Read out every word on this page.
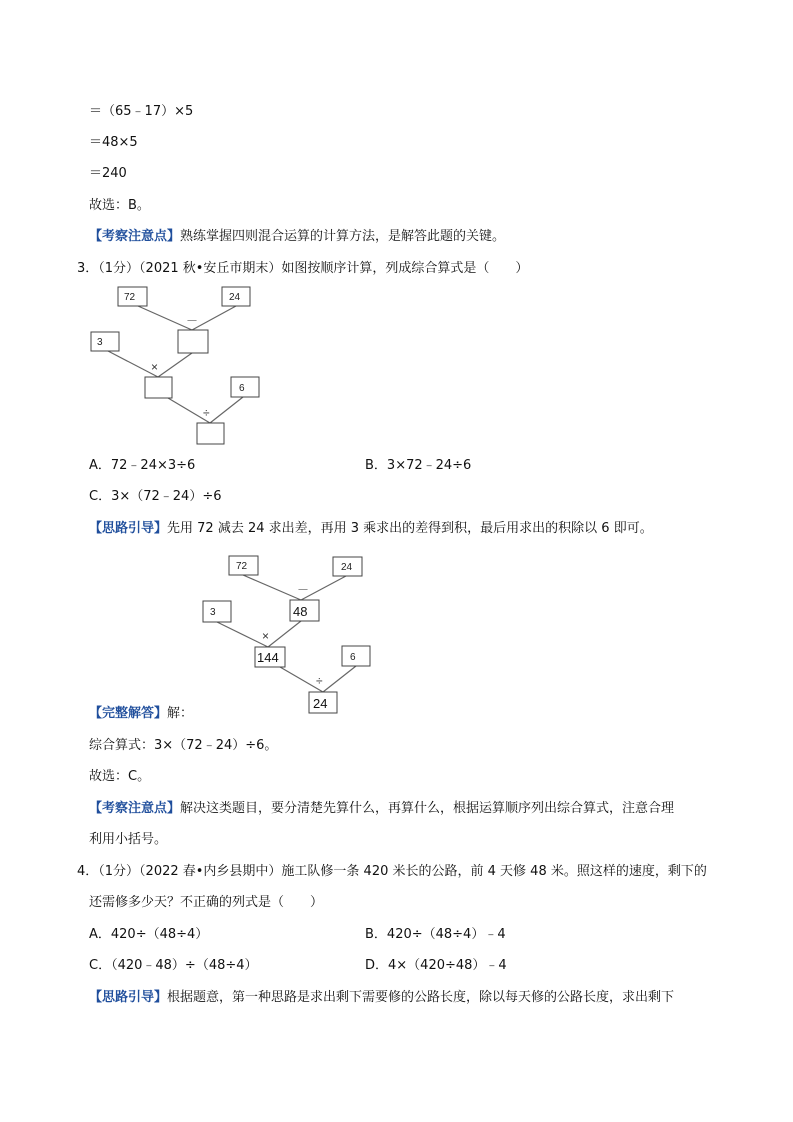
＝（65﹣17）×5
＝48×5
＝240
故选：B。
【考察注意点】熟练掌握四则混合运算的计算方法，是解答此题的关键。
3．（1分）（2021 秋•安丘市期末）如图按顺序计算，列成综合算式是（　　）
72	24
3
6
－
×
÷
A．72﹣24×3÷6	B．3×72﹣24÷6
C．3×（72﹣24）÷6
【思路引导】先用 72 减去 24 求出差，再用 3 乘求出的差得到积，最后用求出的积除以 6 即可。
72	24
3
6
48
144
24
－
×
÷
【完整解答】解：
综合算式：3×（72﹣24）÷6。
故选：C。
【考察注意点】解决这类题目，要分清楚先算什么，再算什么，根据运算顺序列出综合算式，注意合理
利用小括号。
4．（1分）（2022 春•内乡县期中）施工队修一条 420 米长的公路，前 4 天修 48 米。照这样的速度，剩下的
还需修多少天？不正确的列式是（　　）
A．420÷（48÷4）	B．420÷（48÷4）﹣4
C．（420﹣48）÷（48÷4）	D．4×（420÷48）﹣4
【思路引导】根据题意，第一种思路是求出剩下需要修的公路长度，除以每天修的公路长度，求出剩下
